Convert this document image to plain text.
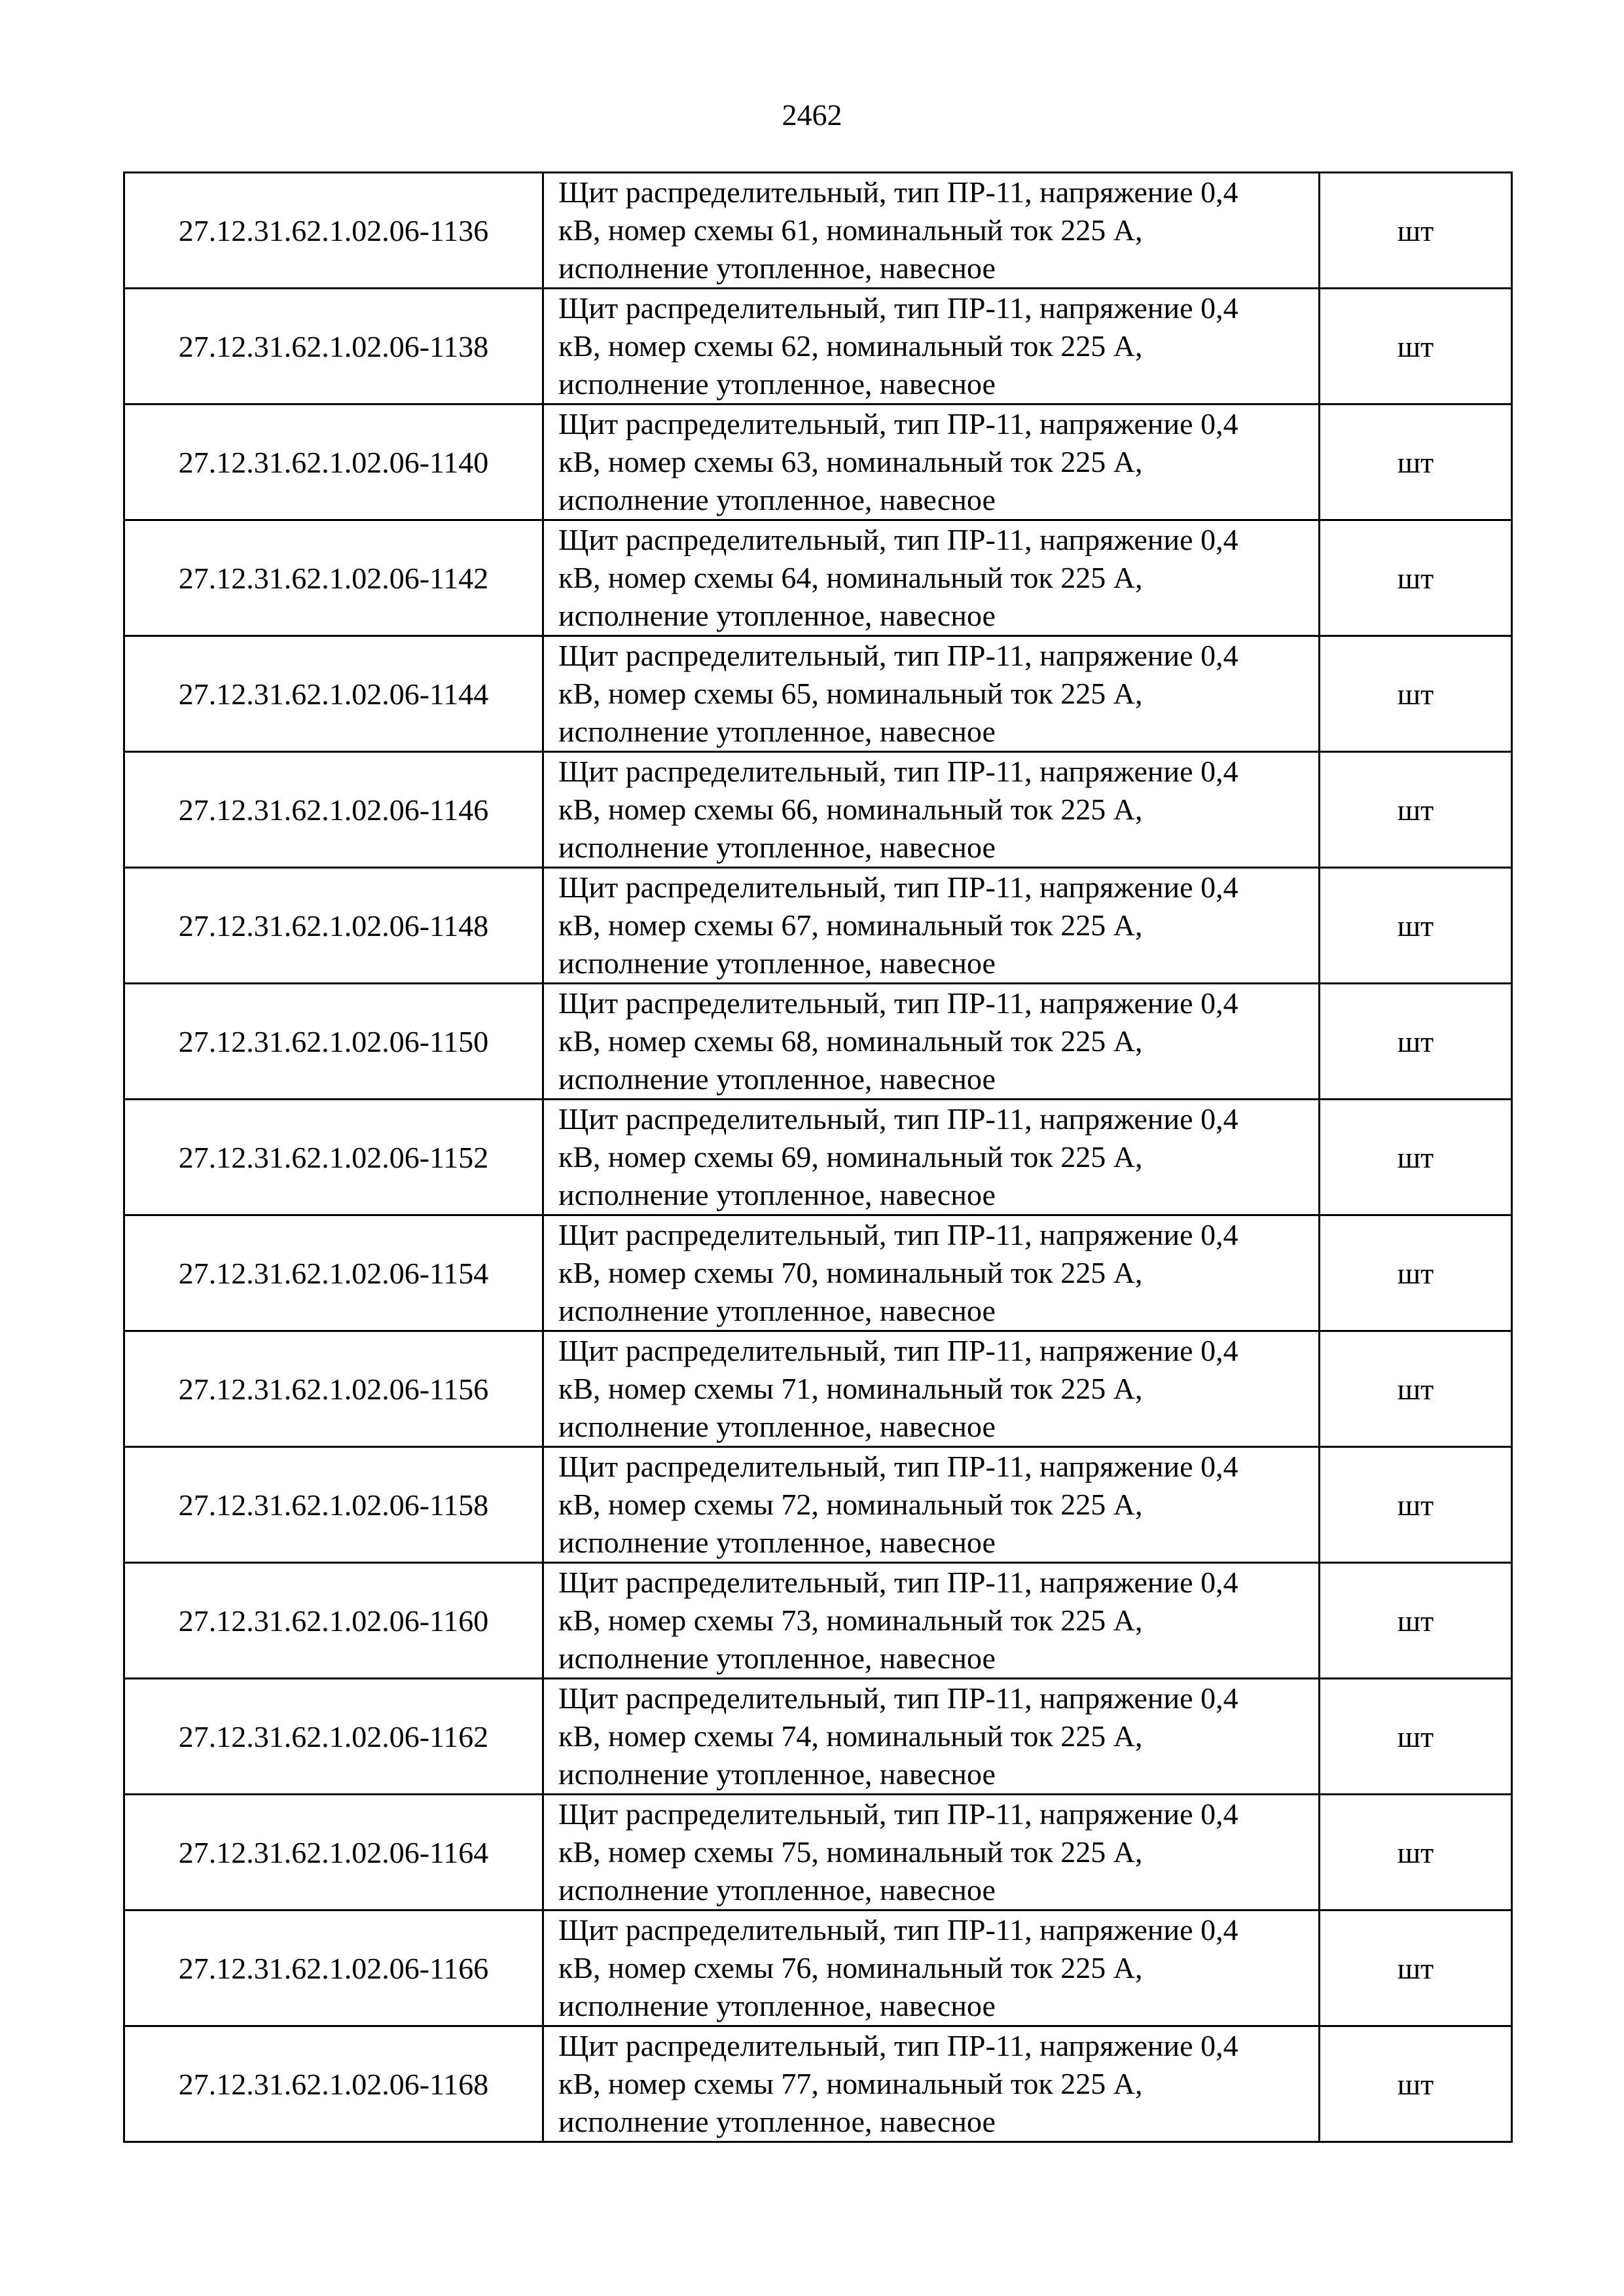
2462
27.12.31.62.1.02.06-1136	Щит распределительный, тип ПР-11, напряжение 0,4
кВ, номер схемы 61, номинальный ток 225 А,
исполнение утопленное, навесное	шт
27.12.31.62.1.02.06-1138	Щит распределительный, тип ПР-11, напряжение 0,4
кВ, номер схемы 62, номинальный ток 225 А,
исполнение утопленное, навесное	шт
27.12.31.62.1.02.06-1140	Щит распределительный, тип ПР-11, напряжение 0,4
кВ, номер схемы 63, номинальный ток 225 А,
исполнение утопленное, навесное	шт
27.12.31.62.1.02.06-1142	Щит распределительный, тип ПР-11, напряжение 0,4
кВ, номер схемы 64, номинальный ток 225 А,
исполнение утопленное, навесное	шт
27.12.31.62.1.02.06-1144	Щит распределительный, тип ПР-11, напряжение 0,4
кВ, номер схемы 65, номинальный ток 225 А,
исполнение утопленное, навесное	шт
27.12.31.62.1.02.06-1146	Щит распределительный, тип ПР-11, напряжение 0,4
кВ, номер схемы 66, номинальный ток 225 А,
исполнение утопленное, навесное	шт
27.12.31.62.1.02.06-1148	Щит распределительный, тип ПР-11, напряжение 0,4
кВ, номер схемы 67, номинальный ток 225 А,
исполнение утопленное, навесное	шт
27.12.31.62.1.02.06-1150	Щит распределительный, тип ПР-11, напряжение 0,4
кВ, номер схемы 68, номинальный ток 225 А,
исполнение утопленное, навесное	шт
27.12.31.62.1.02.06-1152	Щит распределительный, тип ПР-11, напряжение 0,4
кВ, номер схемы 69, номинальный ток 225 А,
исполнение утопленное, навесное	шт
27.12.31.62.1.02.06-1154	Щит распределительный, тип ПР-11, напряжение 0,4
кВ, номер схемы 70, номинальный ток 225 А,
исполнение утопленное, навесное	шт
27.12.31.62.1.02.06-1156	Щит распределительный, тип ПР-11, напряжение 0,4
кВ, номер схемы 71, номинальный ток 225 А,
исполнение утопленное, навесное	шт
27.12.31.62.1.02.06-1158	Щит распределительный, тип ПР-11, напряжение 0,4
кВ, номер схемы 72, номинальный ток 225 А,
исполнение утопленное, навесное	шт
27.12.31.62.1.02.06-1160	Щит распределительный, тип ПР-11, напряжение 0,4
кВ, номер схемы 73, номинальный ток 225 А,
исполнение утопленное, навесное	шт
27.12.31.62.1.02.06-1162	Щит распределительный, тип ПР-11, напряжение 0,4
кВ, номер схемы 74, номинальный ток 225 А,
исполнение утопленное, навесное	шт
27.12.31.62.1.02.06-1164	Щит распределительный, тип ПР-11, напряжение 0,4
кВ, номер схемы 75, номинальный ток 225 А,
исполнение утопленное, навесное	шт
27.12.31.62.1.02.06-1166	Щит распределительный, тип ПР-11, напряжение 0,4
кВ, номер схемы 76, номинальный ток 225 А,
исполнение утопленное, навесное	шт
27.12.31.62.1.02.06-1168	Щит распределительный, тип ПР-11, напряжение 0,4
кВ, номер схемы 77, номинальный ток 225 А,
исполнение утопленное, навесное	шт
